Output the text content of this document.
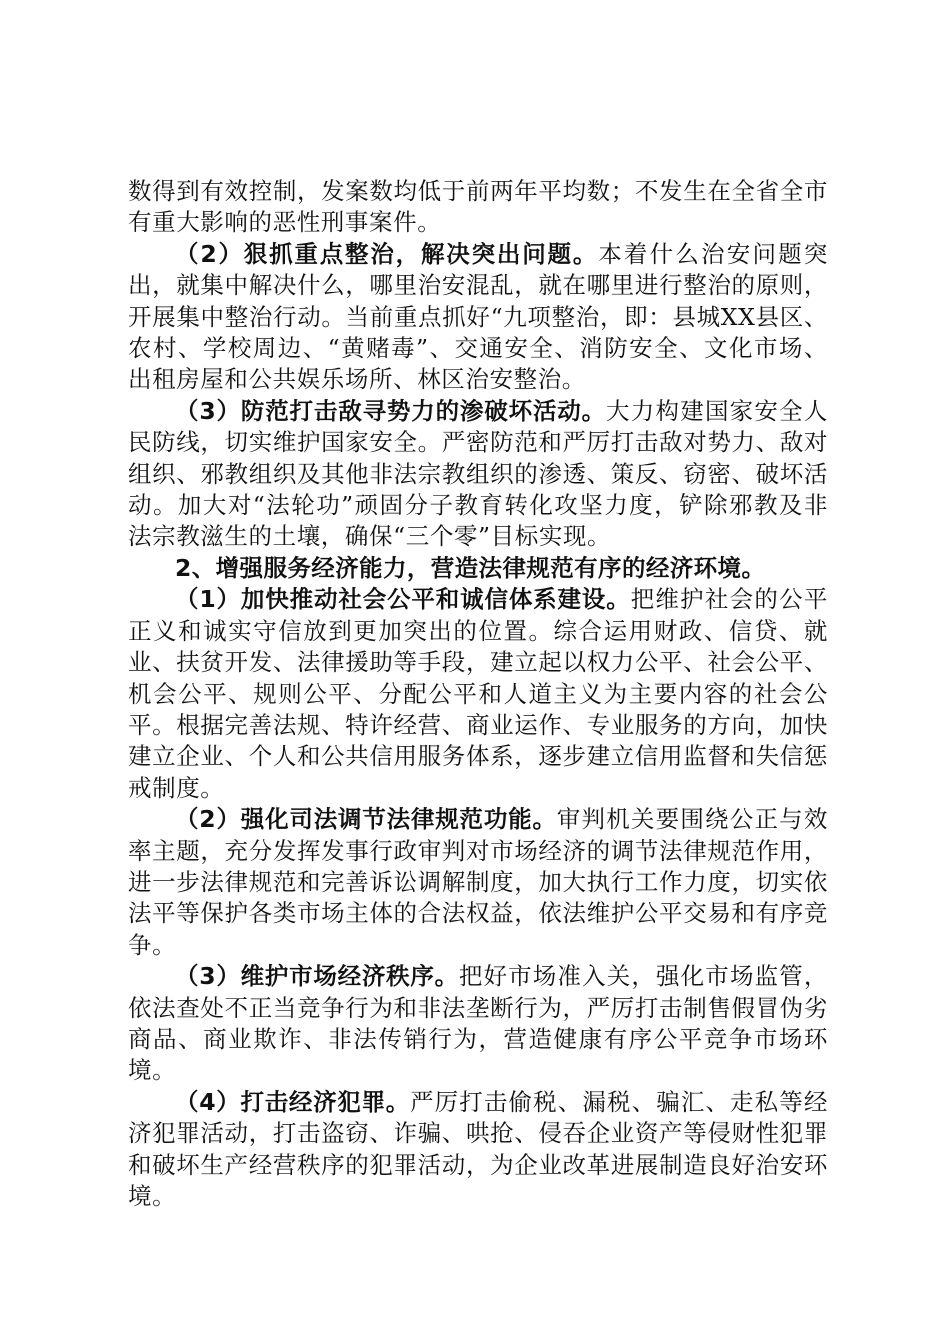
数得到有效控制，发案数均低于前两年平均数；不发生在全省全市有重大影响的恶性刑事案件。

（2）狠抓重点整治，解决突出问题。本着什么治安问题突出，就集中解决什么，哪里治安混乱，就在哪里进行整治的原则，开展集中整治行动。当前重点抓好“九项整治，即：县城XX县区、农村、学校周边、“黄赌毒”、交通安全、消防安全、文化市场、出租房屋和公共娱乐场所、林区治安整治。

（3）防范打击敌寻势力的渗破坏活动。大力构建国家安全人民防线，切实维护国家安全。严密防范和严厉打击敌对势力、敌对组织、邪教组织及其他非法宗教组织的渗透、策反、窃密、破坏活动。加大对“法轮功”顽固分子教育转化攻坚力度，铲除邪教及非法宗教滋生的土壤，确保“三个零”目标实现。

2、增强服务经济能力，营造法律规范有序的经济环境。

（1）加快推动社会公平和诚信体系建设。把维护社会的公平正义和诚实守信放到更加突出的位置。综合运用财政、信贷、就业、扶贫开发、法律援助等手段，建立起以权力公平、社会公平、机会公平、规则公平、分配公平和人道主义为主要内容的社会公平。根据完善法规、特许经营、商业运作、专业服务的方向，加快建立企业、个人和公共信用服务体系，逐步建立信用监督和失信惩戒制度。

（2）强化司法调节法律规范功能。审判机关要围绕公正与效率主题，充分发挥发事行政审判对市场经济的调节法律规范作用，进一步法律规范和完善诉讼调解制度，加大执行工作力度，切实依法平等保护各类市场主体的合法权益，依法维护公平交易和有序竞争。

（3）维护市场经济秩序。把好市场准入关，强化市场监管，依法查处不正当竞争行为和非法垄断行为，严厉打击制售假冒伪劣商品、商业欺诈、非法传销行为，营造健康有序公平竞争市场环境。

（4）打击经济犯罪。严厉打击偷税、漏税、骗汇、走私等经济犯罪活动，打击盗窃、诈骗、哄抢、侵吞企业资产等侵财性犯罪和破坏生产经营秩序的犯罪活动，为企业改革进展制造良好治安环境。
